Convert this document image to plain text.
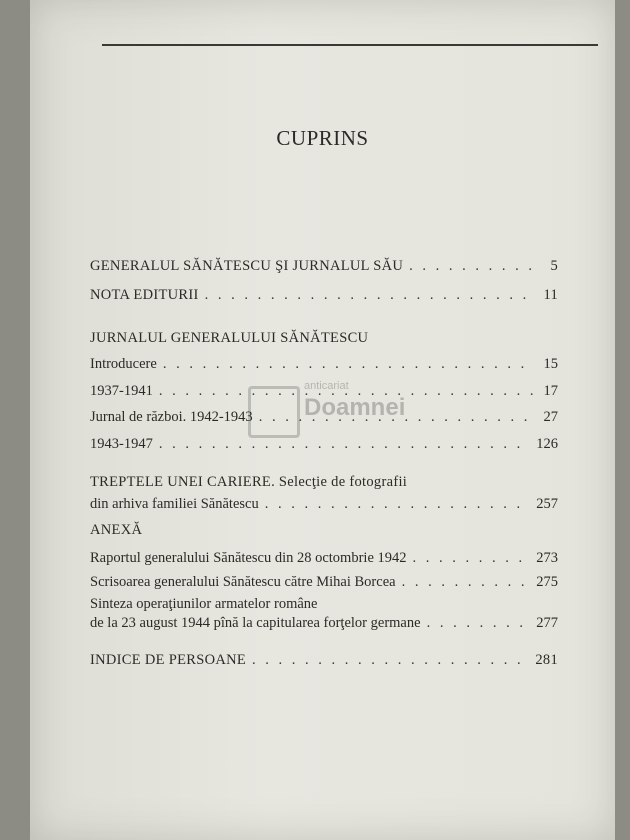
anticariat
Doamnei
CUPRINS
GENERALUL SĂNĂTESCU ŞI JURNALUL SĂU . . .	5
NOTA EDITURII . . .	11
JURNALUL GENERALULUI SĂNĂTESCU
Introducere . . .	15
1937-1941 . . .	17
Jurnal de război. 1942-1943 . . .	27
1943-1947 . . .	126
TREPTELE UNEI CARIERE. Selecţie de fotografii
din arhiva familiei Sănătescu . . .	257
ANEXĂ
Raportul generalului Sănătescu din 28 octombrie 1942 . . .	273
Scrisoarea generalului Sănătescu către Mihai Borcea . . .	275
Sinteza operaţiunilor armatelor române
de la 23 august 1944 pînă la capitularea forţelor germane . . .	277
INDICE DE PERSOANE . . .	281
